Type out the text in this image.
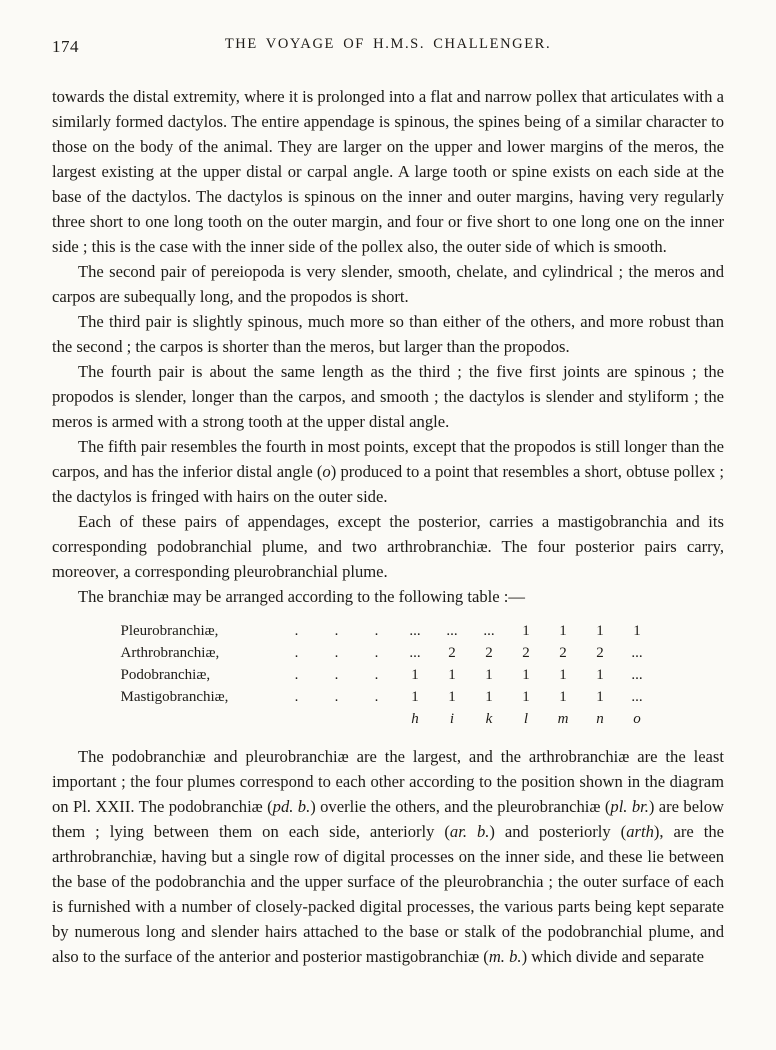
174	THE VOYAGE OF H.M.S. CHALLENGER.

towards the distal extremity, where it is prolonged into a flat and narrow pollex that articulates with a similarly formed dactylos. The entire appendage is spinous, the spines being of a similar character to those on the body of the animal. They are larger on the upper and lower margins of the meros, the largest existing at the upper distal or carpal angle. A large tooth or spine exists on each side at the base of the dactylos. The dactylos is spinous on the inner and outer margins, having very regularly three short to one long tooth on the outer margin, and four or five short to one long one on the inner side ; this is the case with the inner side of the pollex also, the outer side of which is smooth.

The second pair of pereiopoda is very slender, smooth, chelate, and cylindrical ; the meros and carpos are subequally long, and the propodos is short.

The third pair is slightly spinous, much more so than either of the others, and more robust than the second ; the carpos is shorter than the meros, but larger than the propodos.

The fourth pair is about the same length as the third ; the five first joints are spinous ; the propodos is slender, longer than the carpos, and smooth ; the dactylos is slender and styliform ; the meros is armed with a strong tooth at the upper distal angle.

The fifth pair resembles the fourth in most points, except that the propodos is still longer than the carpos, and has the inferior distal angle (o) produced to a point that resembles a short, obtuse pollex ; the dactylos is fringed with hairs on the outer side.

Each of these pairs of appendages, except the posterior, carries a mastigobranchia and its corresponding podobranchial plume, and two arthrobranchiæ. The four posterior pairs carry, moreover, a corresponding pleurobranchial plume.

The branchiæ may be arranged according to the following table :—

Pleurobranchiæ,	.	.	.	...	...	...	1	1	1	1
Arthrobranchiæ,	.	.	.	...	2	2	2	2	2	...
Podobranchiæ,	.	.	.	1	1	1	1	1	1	...
Mastigobranchiæ,	.	.	.	1	1	1	1	1	1	...
				h	i	k	l	m	n	o

The podobranchiæ and pleurobranchiæ are the largest, and the arthrobranchiæ are the least important ; the four plumes correspond to each other according to the position shown in the diagram on Pl. XXII. The podobranchiæ (pd. b.) overlie the others, and the pleurobranchiæ (pl. br.) are below them ; lying between them on each side, anteriorly (ar. b.) and posteriorly (arth), are the arthrobranchiæ, having but a single row of digital processes on the inner side, and these lie between the base of the podobranchia and the upper surface of the pleurobranchia ; the outer surface of each is furnished with a number of closely-packed digital processes, the various parts being kept separate by numerous long and slender hairs attached to the base or stalk of the podobranchial plume, and also to the surface of the anterior and posterior mastigobranchiæ (m. b.) which divide and separate
